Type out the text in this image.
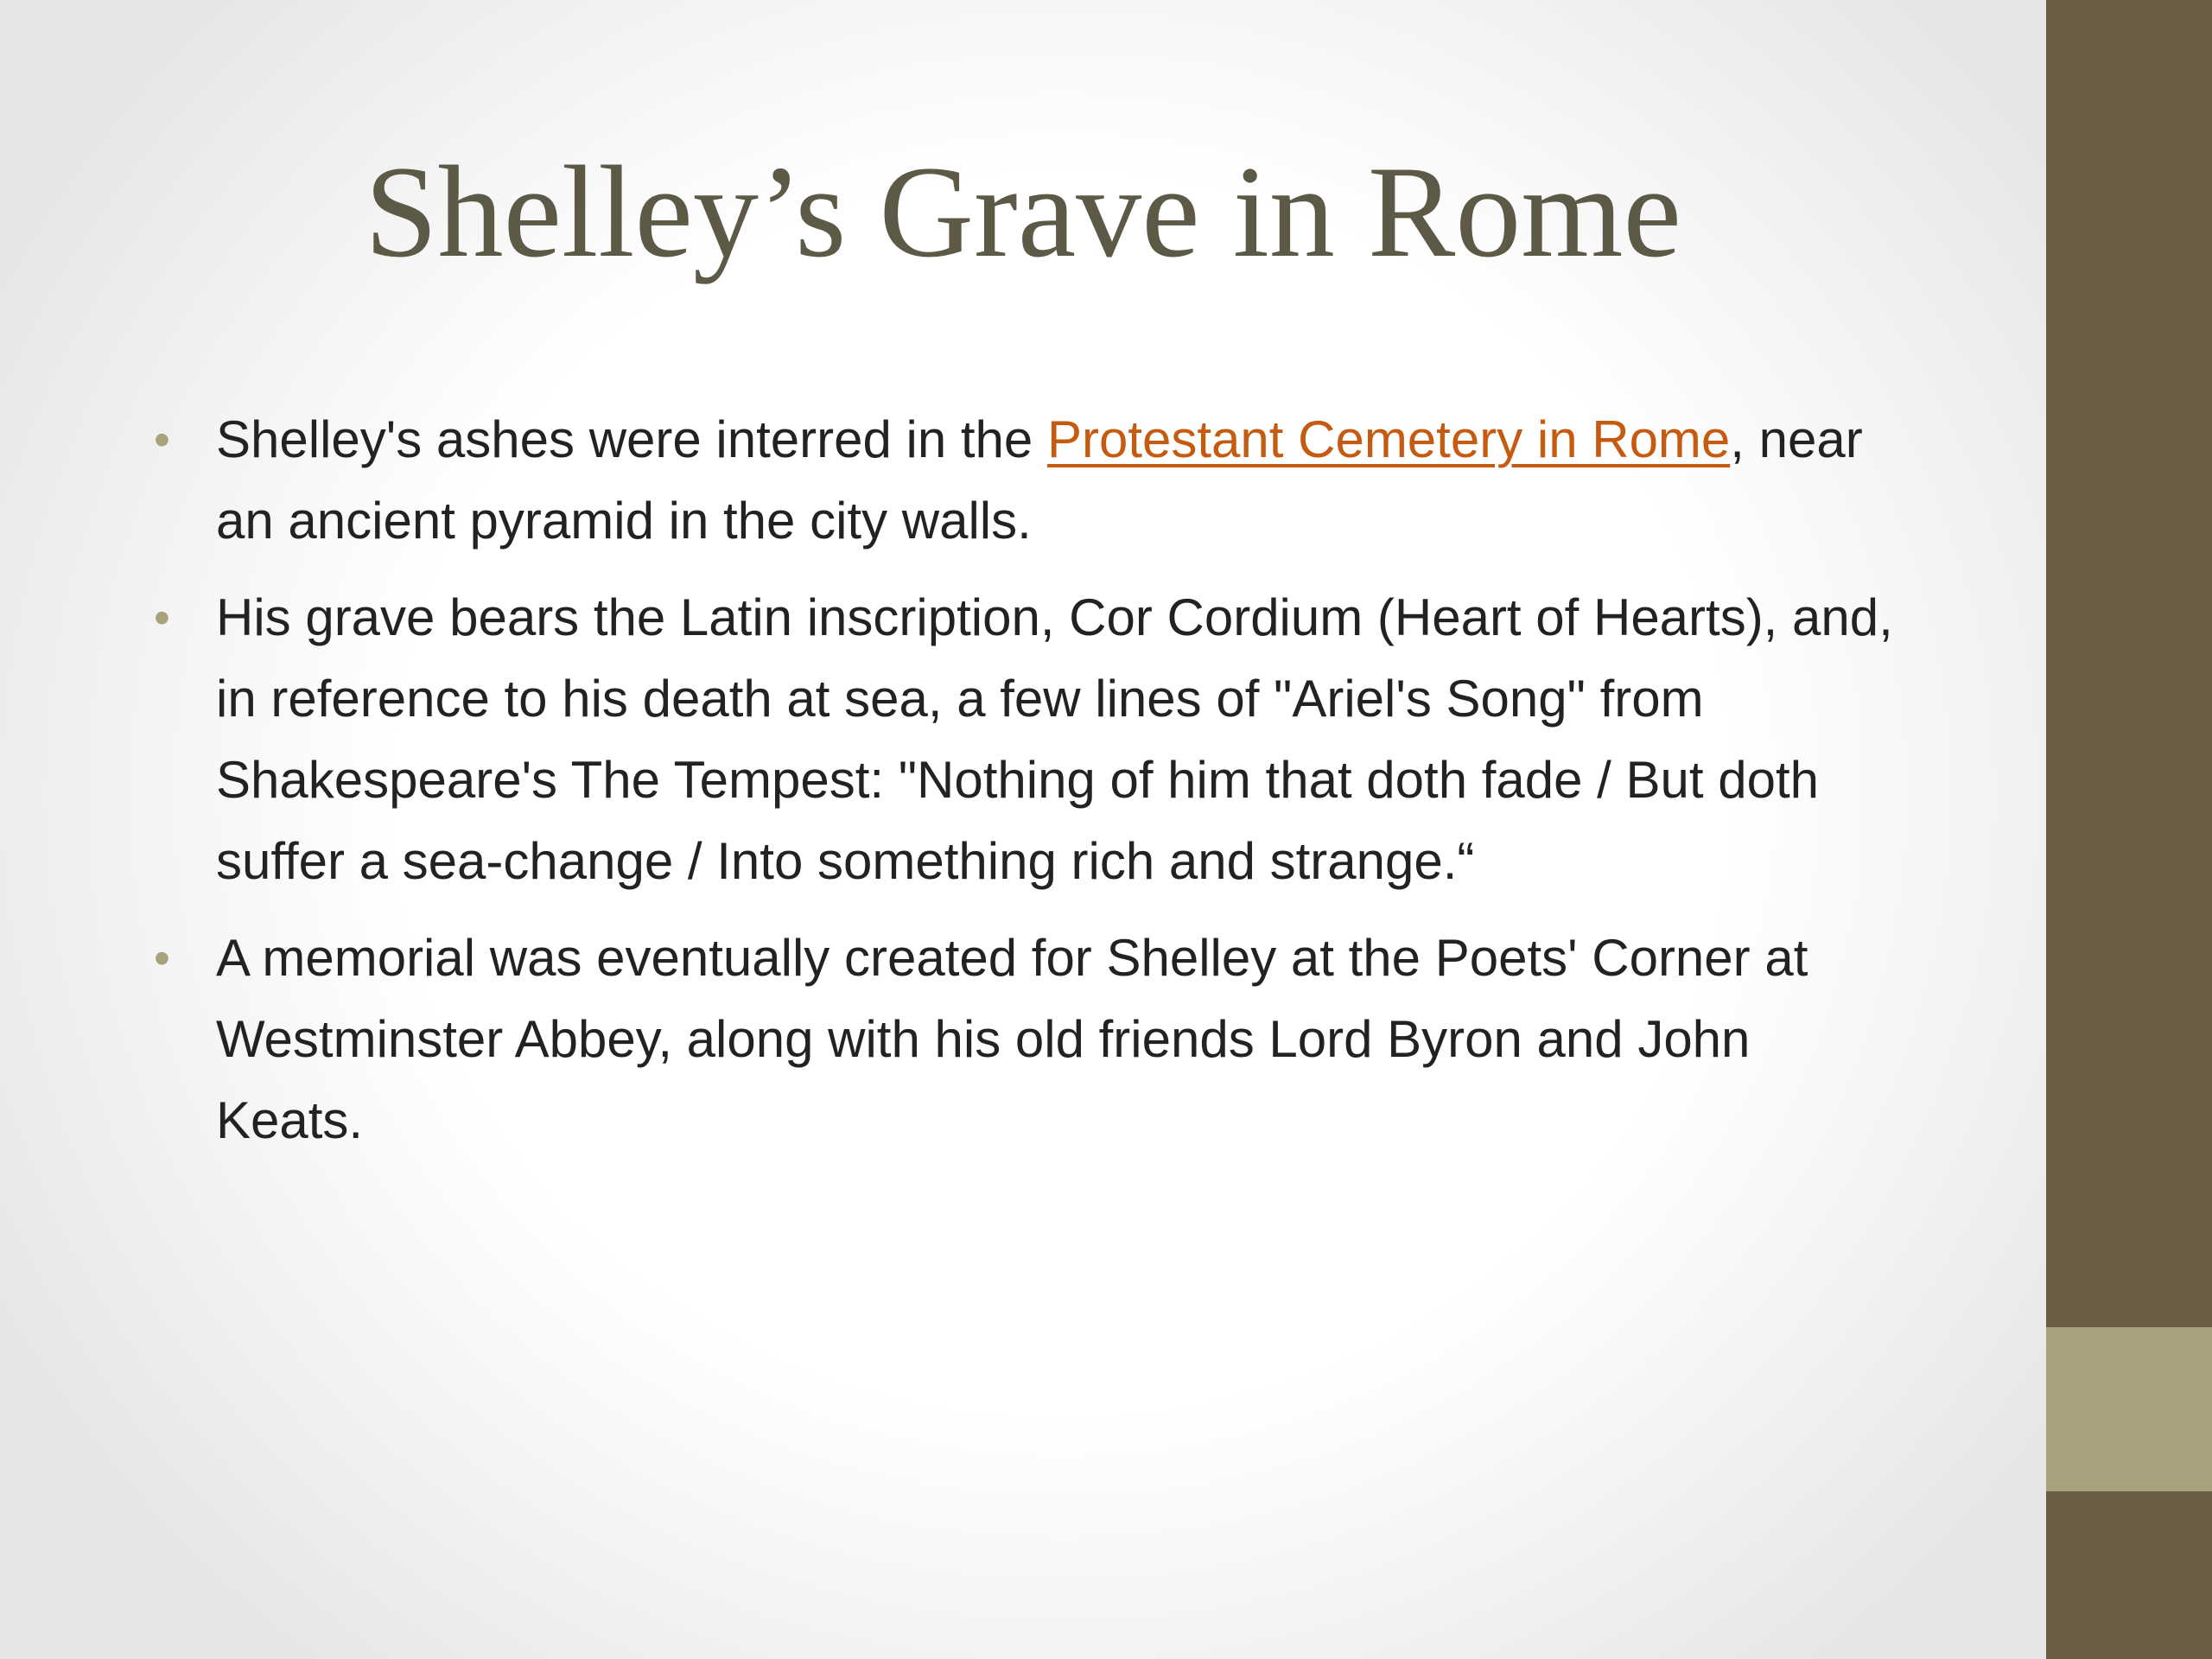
Shelley’s Grave in Rome
• Shelley's ashes were interred in the Protestant Cemetery in Rome, near an ancient pyramid in the city walls.
• His grave bears the Latin inscription, Cor Cordium (Heart of Hearts), and, in reference to his death at sea, a few lines of "Ariel's Song" from Shakespeare's The Tempest: "Nothing of him that doth fade / But doth suffer a sea-change / Into something rich and strange.“
• A memorial was eventually created for Shelley at the Poets' Corner at Westminster Abbey, along with his old friends Lord Byron and John Keats.
